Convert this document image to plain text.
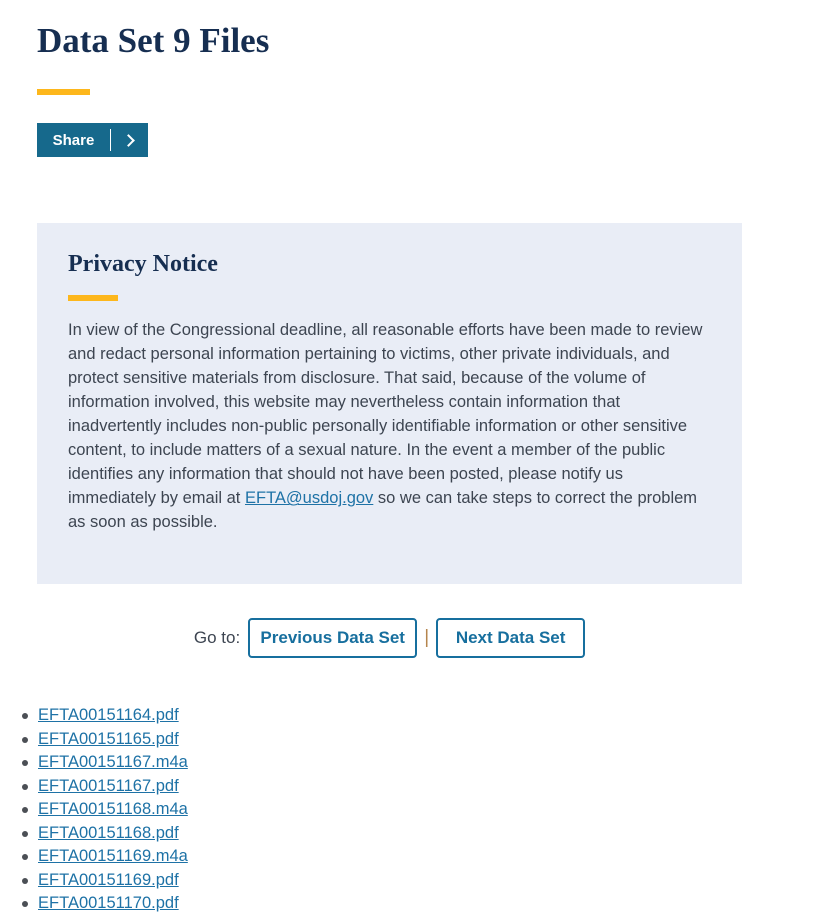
Data Set 9 Files
Share
Privacy Notice

In view of the Congressional deadline, all reasonable efforts have been made to review and redact personal information pertaining to victims, other private individuals, and protect sensitive materials from disclosure. That said, because of the volume of information involved, this website may nevertheless contain information that inadvertently includes non-public personally identifiable information or other sensitive content, to include matters of a sexual nature. In the event a member of the public identifies any information that should not have been posted, please notify us immediately by email at EFTA@usdoj.gov so we can take steps to correct the problem as soon as possible.

Go to:	Previous Data Set	|	Next Data Set
EFTA00151164.pdf
EFTA00151165.pdf
EFTA00151167.m4a
EFTA00151167.pdf
EFTA00151168.m4a
EFTA00151168.pdf
EFTA00151169.m4a
EFTA00151169.pdf
EFTA00151170.pdf
